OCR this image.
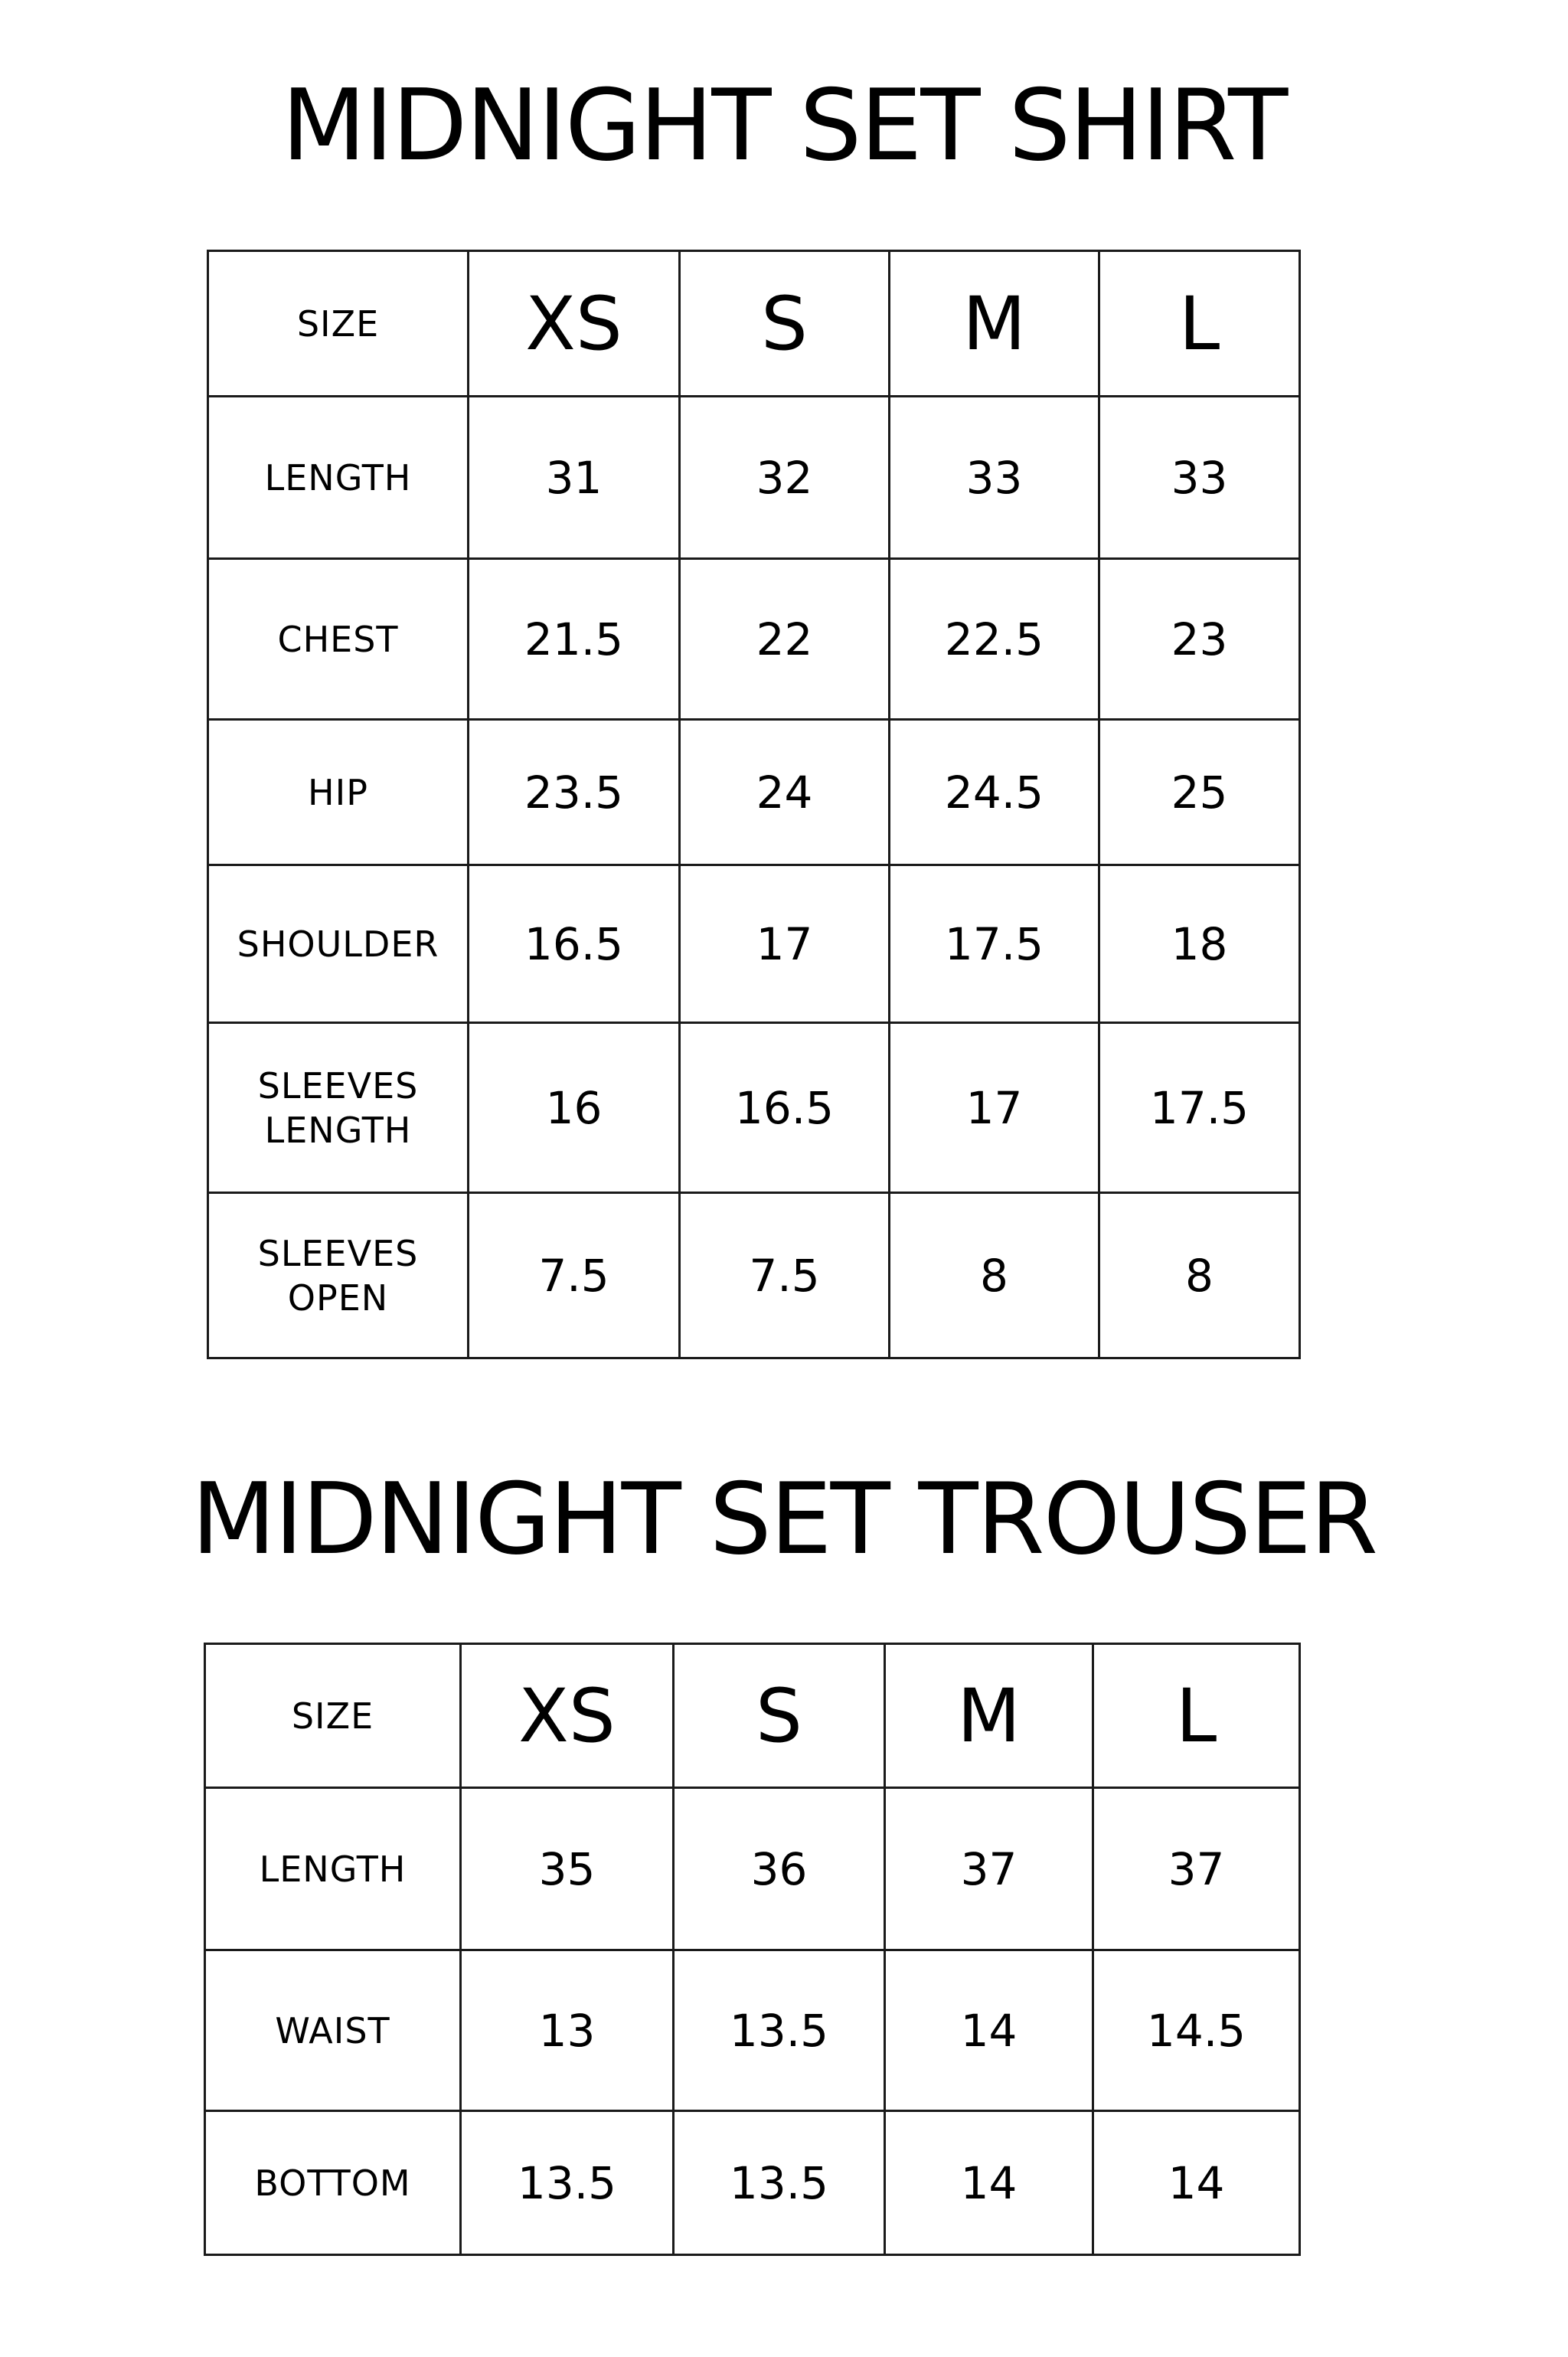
MIDNIGHT SET SHIRT
SIZE	XS	S	M	L
LENGTH	31	32	33	33
CHEST	21.5	22	22.5	23
HIP	23.5	24	24.5	25
SHOULDER	16.5	17	17.5	18
SLEEVES LENGTH	16	16.5	17	17.5
SLEEVES OPEN	7.5	7.5	8	8
MIDNIGHT SET TROUSER
SIZE	XS	S	M	L
LENGTH	35	36	37	37
WAIST	13	13.5	14	14.5
BOTTOM	13.5	13.5	14	14
